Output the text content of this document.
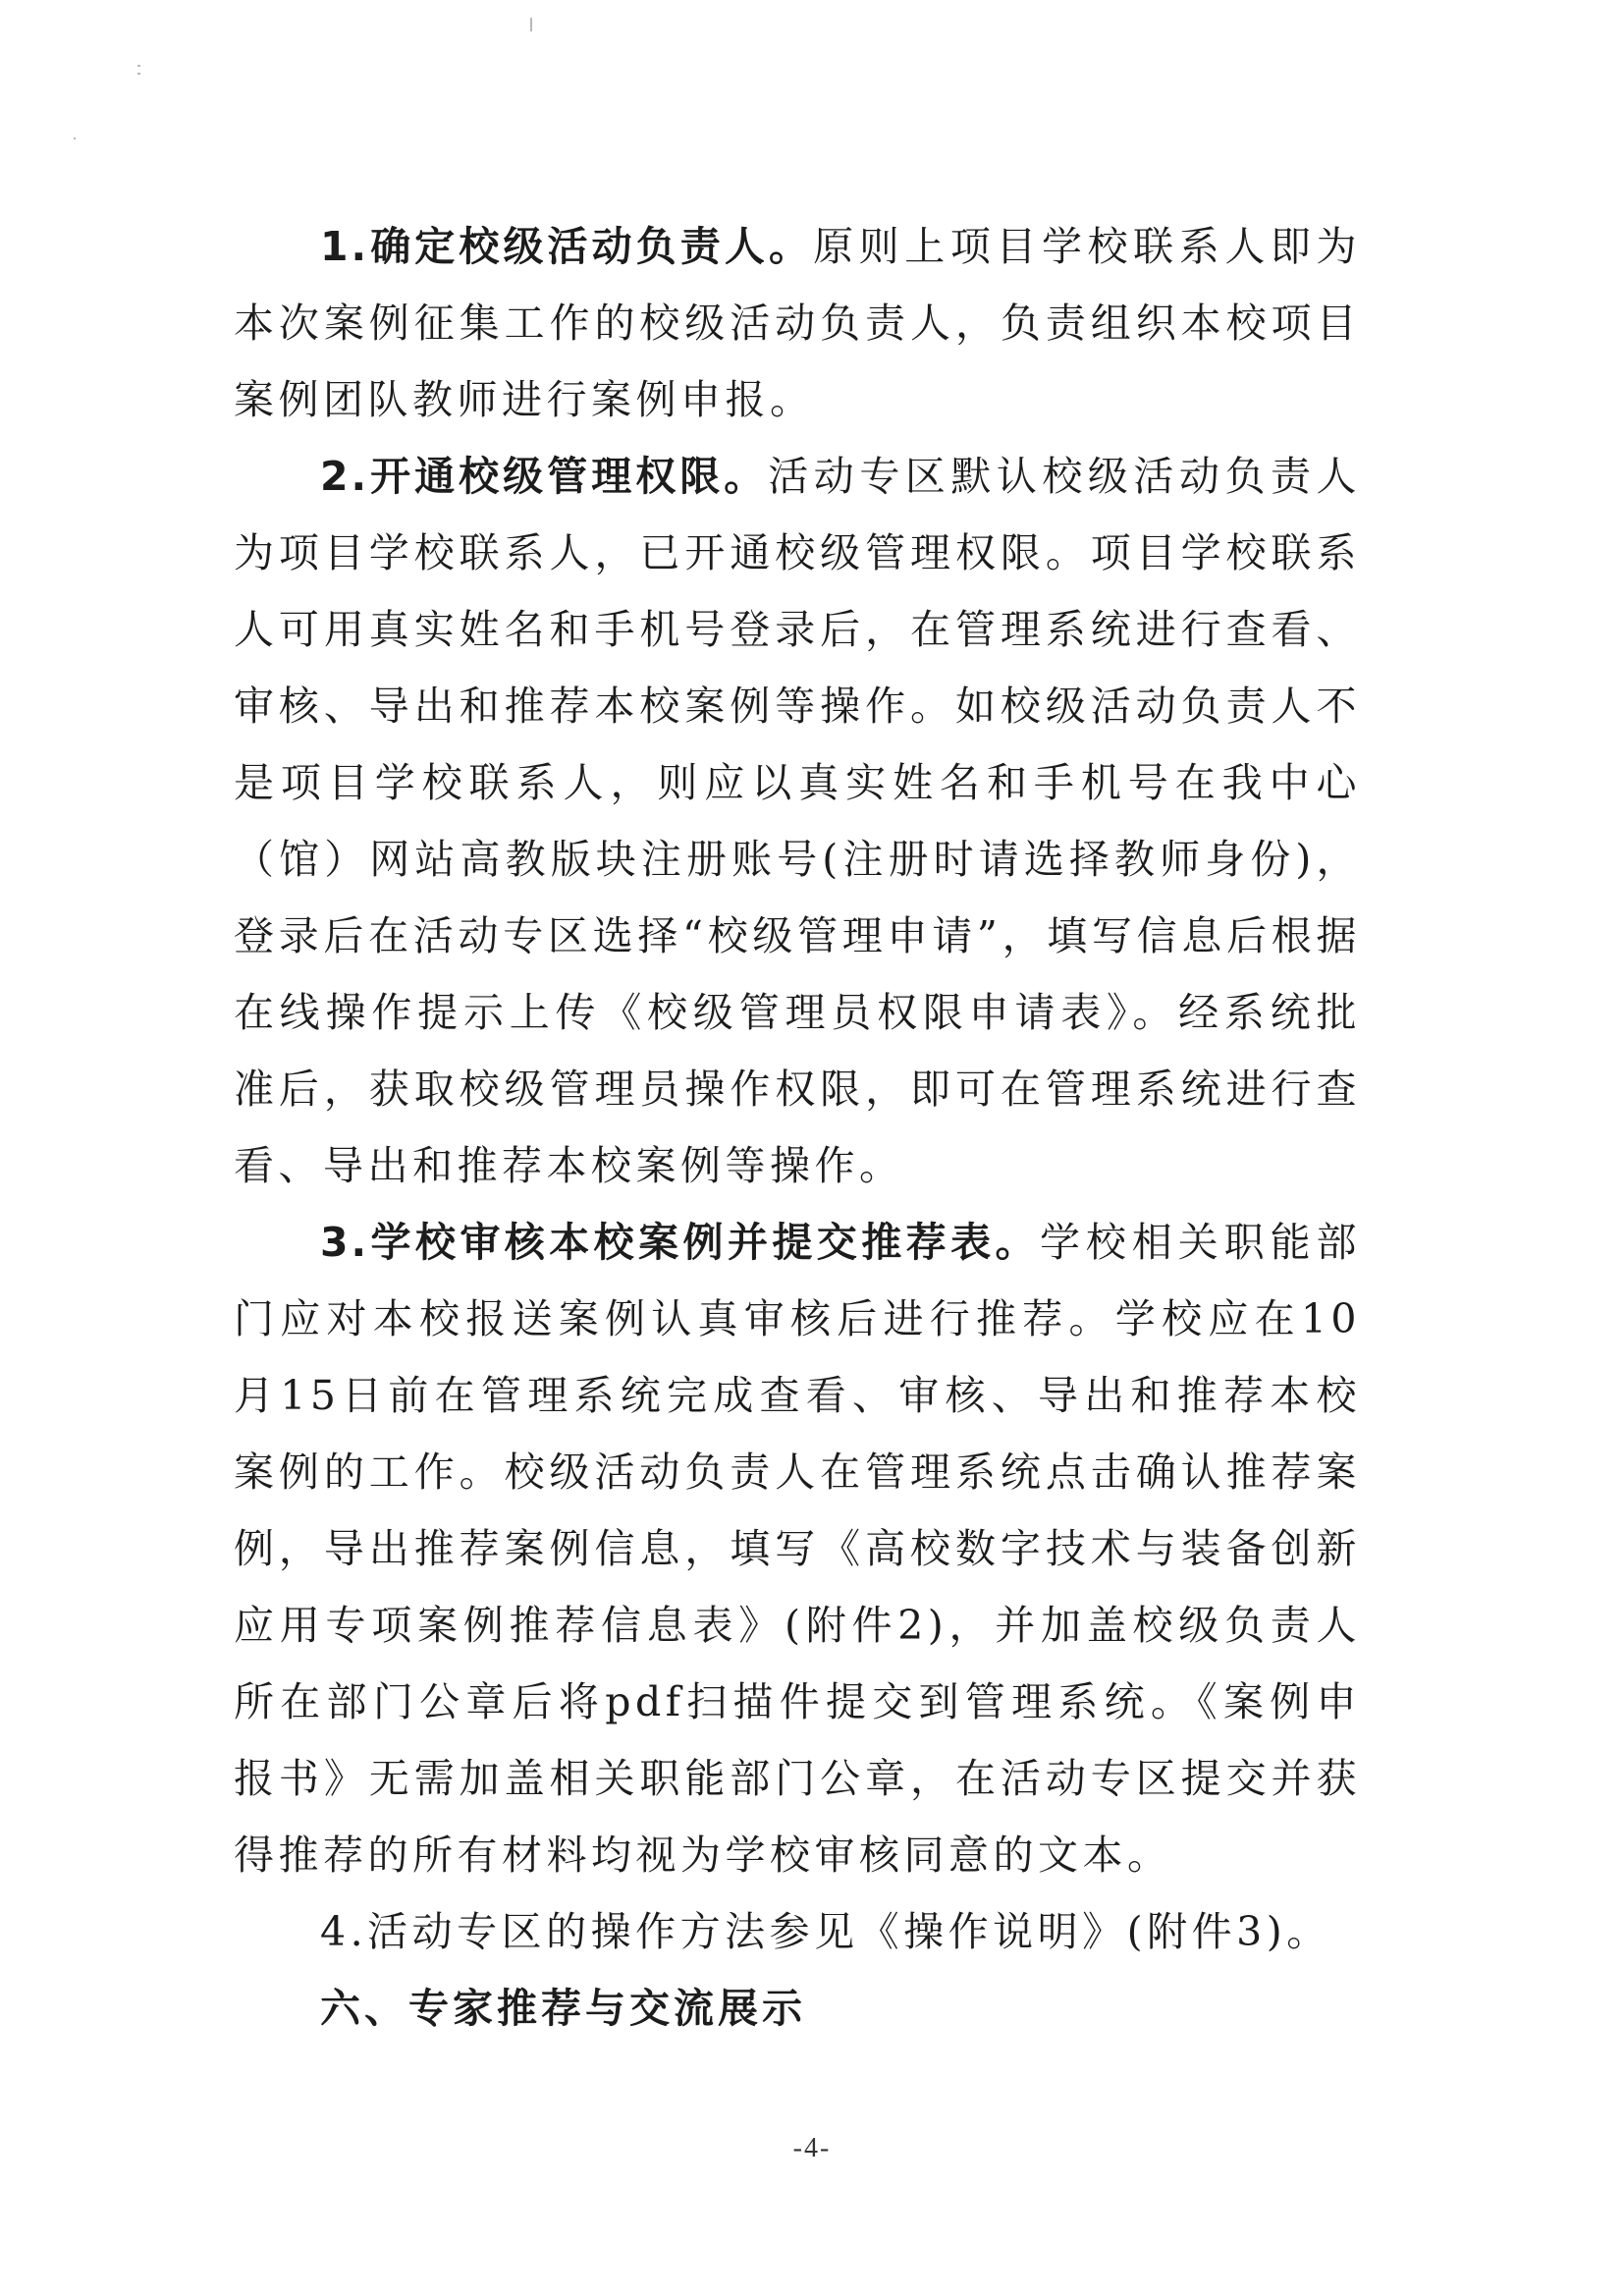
1.确定校级活动负责人。原则上项目学校联系人即为本次案例征集工作的校级活动负责人，负责组织本校项目案例团队教师进行案例申报。

2.开通校级管理权限。活动专区默认校级活动负责人为项目学校联系人，已开通校级管理权限。项目学校联系人可用真实姓名和手机号登录后，在管理系统进行查看、审核、导出和推荐本校案例等操作。如校级活动负责人不是项目学校联系人，则应以真实姓名和手机号在我中心（馆）网站高教版块注册账号(注册时请选择教师身份)，登录后在活动专区选择“校级管理申请”，填写信息后根据在线操作提示上传《校级管理员权限申请表》。经系统批准后，获取校级管理员操作权限，即可在管理系统进行查看、导出和推荐本校案例等操作。

3.学校审核本校案例并提交推荐表。学校相关职能部门应对本校报送案例认真审核后进行推荐。学校应在10月15日前在管理系统完成查看、审核、导出和推荐本校案例的工作。校级活动负责人在管理系统点击确认推荐案例，导出推荐案例信息，填写《高校数字技术与装备创新应用专项案例推荐信息表》(附件2)，并加盖校级负责人所在部门公章后将pdf扫描件提交到管理系统。《案例申报书》无需加盖相关职能部门公章，在活动专区提交并获得推荐的所有材料均视为学校审核同意的文本。

4.活动专区的操作方法参见《操作说明》(附件3)。

六、专家推荐与交流展示

-4-
